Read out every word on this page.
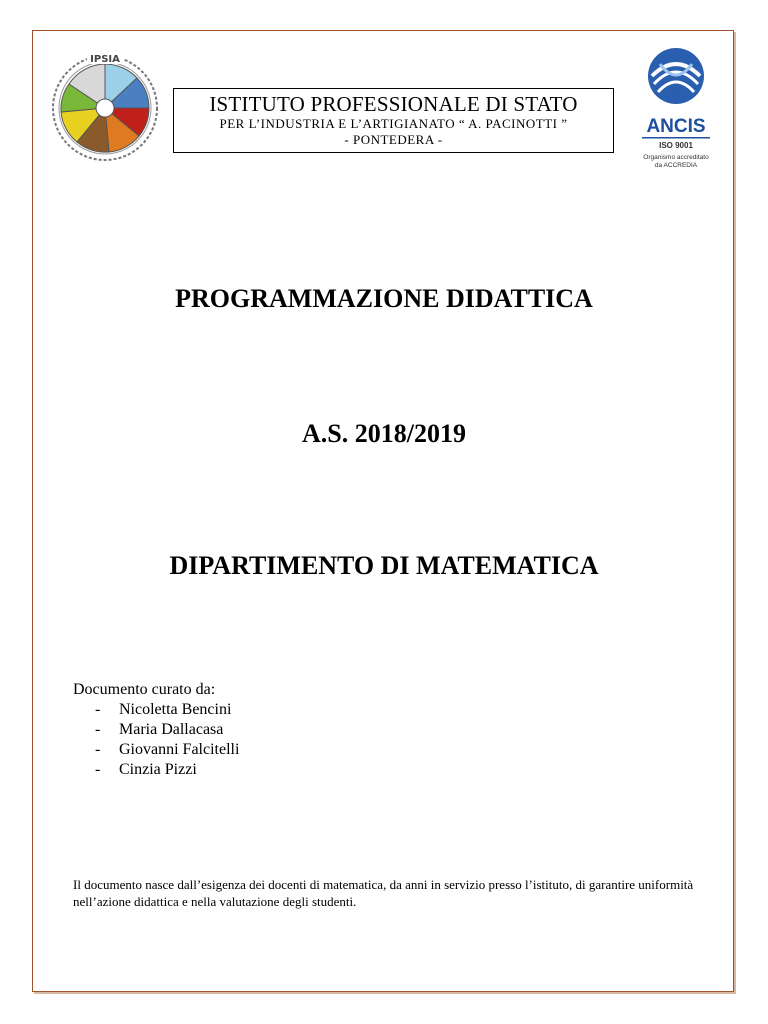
IPSIA
ANCIS
ISO 9001
Organismo accreditato
da ACCREDIA
ISTITUTO PROFESSIONALE DI STATO
PER L’INDUSTRIA E L’ARTIGIANATO “ A. PACINOTTI ”
- PONTEDERA -
PROGRAMMAZIONE DIDATTICA
A.S. 2018/2019
DIPARTIMENTO DI MATEMATICA
Documento curato da:
- Nicoletta Bencini
- Maria Dallacasa
- Giovanni Falcitelli
- Cinzia Pizzi
Il documento nasce dall’esigenza dei docenti di matematica, da anni in servizio presso l’istituto, di garantire uniformità nell’azione didattica e nella valutazione degli studenti.
